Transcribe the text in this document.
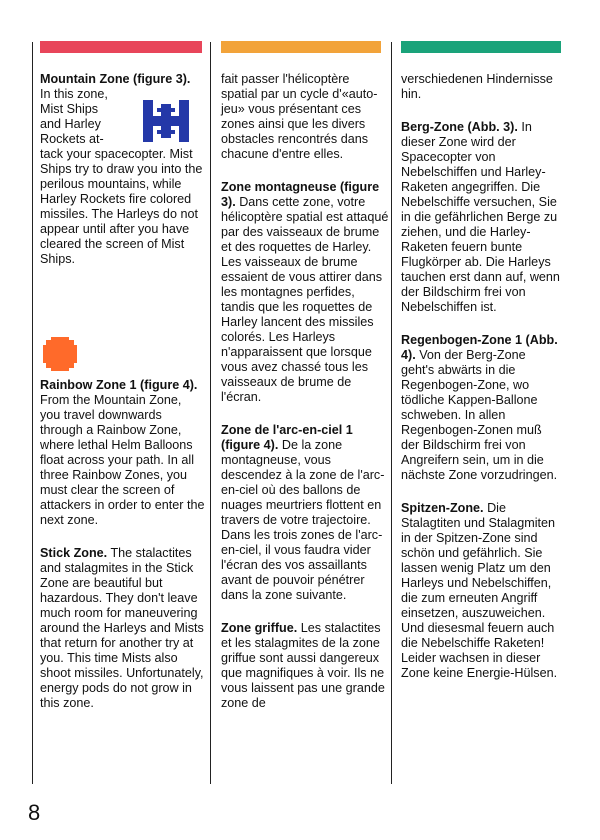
Mountain Zone (figure 3).

In this zone,

Mist Ships

and Harley

Rockets at-

tack your spacecopter. Mist Ships try to draw you into the perilous mountains, while Harley Rockets fire colored missiles. The Harleys do not appear until after you have cleared the screen of Mist Ships.

Rainbow Zone 1 (figure 4). From the Mountain Zone, you travel downwards through a Rainbow Zone, where lethal Helm Balloons float across your path. In all three Rainbow Zones, you must clear the screen of attackers in order to enter the next zone.

Stick Zone. The stalactites and stalagmites in the Stick Zone are beautiful but hazardous. They don't leave much room for maneuvering around the Harleys and Mists that return for another try at you. This time Mists also shoot missiles. Unfortunately, energy pods do not grow in this zone.

fait passer l'hélicoptère spatial par un cycle d'«auto-jeu» vous présentant ces zones ainsi que les divers obstacles rencontrés dans chacune d'entre elles.

Zone montagneuse (figure 3). Dans cette zone, votre hélicoptère spatial est attaqué par des vaisseaux de brume et des roquettes de Harley. Les vaisseaux de brume essaient de vous attirer dans les montagnes perfides, tandis que les roquettes de Harley lancent des missiles colorés. Les Harleys n'apparaissent que lorsque vous avez chassé tous les vaisseaux de brume de l'écran.

Zone de l'arc-en-ciel 1 (figure 4). De la zone montagneuse, vous descendez à la zone de l'arc-en-ciel où des ballons de nuages meurtriers flottent en travers de votre trajectoire. Dans les trois zones de l'arc-en-ciel, il vous faudra vider l'écran des vos assaillants avant de pouvoir pénétrer dans la zone suivante.

Zone griffue. Les stalactites et les stalagmites de la zone griffue sont aussi dangereux que magnifiques à voir. Ils ne vous laissent pas une grande zone de

verschiedenen Hindernisse hin.

Berg-Zone (Abb. 3). In dieser Zone wird der Spacecopter von Nebelschiffen und Harley-Raketen angegriffen. Die Nebelschiffe versuchen, Sie in die gefährlichen Berge zu ziehen, und die Harley-Raketen feuern bunte Flugkörper ab. Die Harleys tauchen erst dann auf, wenn der Bildschirm frei von Nebelschiffen ist.

Regenbogen-Zone 1 (Abb. 4). Von der Berg-Zone geht's abwärts in die Regenbogen-Zone, wo tödliche Kappen-Ballone schweben. In allen Regenbogen-Zonen muß der Bildschirm frei von Angreifern sein, um in die nächste Zone vorzudringen.

Spitzen-Zone. Die Stalagtiten und Stalagmiten in der Spitzen-Zone sind schön und gefährlich. Sie lassen wenig Platz um den Harleys und Nebelschiffen, die zum erneuten Angriff einsetzen, auszuweichen. Und diesesmal feuern auch die Nebelschiffe Raketen! Leider wachsen in dieser Zone keine Energie-Hülsen.

8
